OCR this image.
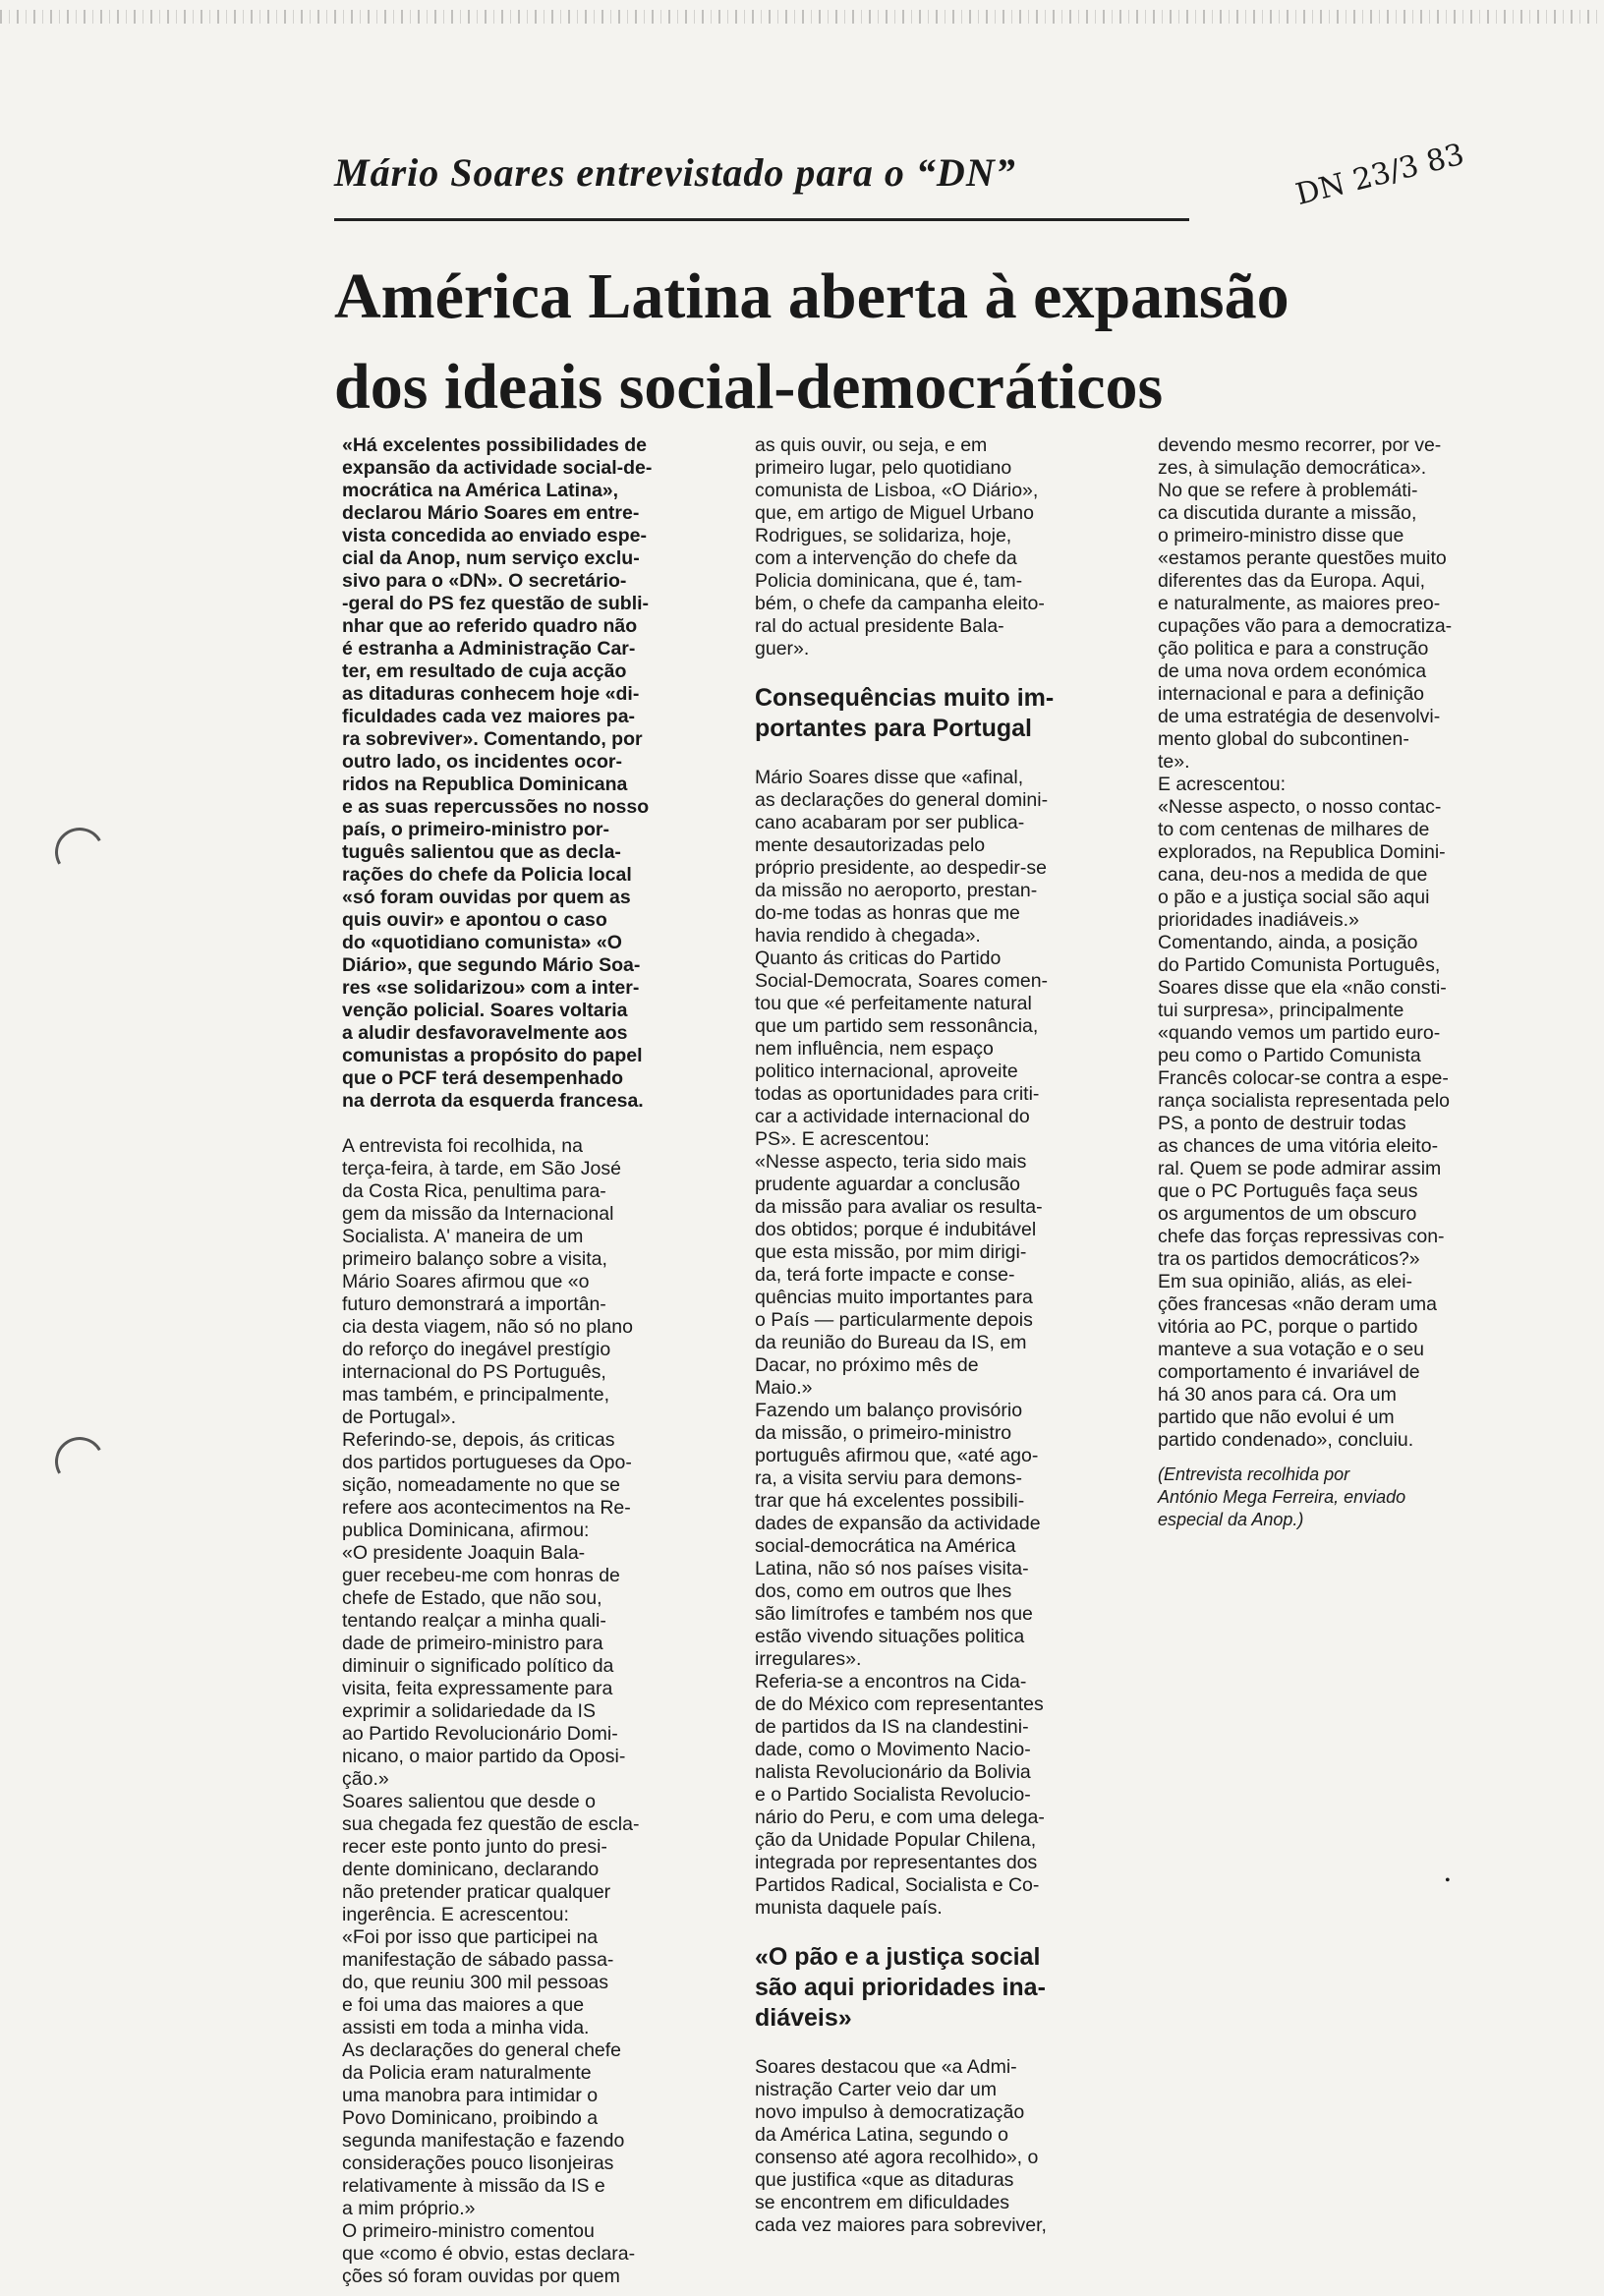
Mário Soares entrevistado para o “DN”	DN 23/3 83

América Latina aberta à expansão
dos ideais social-democráticos
«Há excelentes possibilidades de
expansão da actividade social-de-
mocrática na América Latina»,
declarou Mário Soares em entre-
vista concedida ao enviado espe-
cial da Anop, num serviço exclu-
sivo para o «DN». O secretário-
-geral do PS fez questão de subli-
nhar que ao referido quadro não
é estranha a Administração Car-
ter, em resultado de cuja acção
as ditaduras conhecem hoje «di-
ficuldades cada vez maiores pa-
ra sobreviver». Comentando, por
outro lado, os incidentes ocor-
ridos na Republica Dominicana
e as suas repercussões no nosso
país, o primeiro-ministro por-
tuguês salientou que as decla-
rações do chefe da Policia local
«só foram ouvidas por quem as
quis ouvir» e apontou o caso
do «quotidiano comunista» «O
Diário», que segundo Mário Soa-
res «se solidarizou» com a inter-
venção policial. Soares voltaria
a aludir desfavoravelmente aos
comunistas a propósito do papel
que o PCF terá desempenhado
na derrota da esquerda francesa.
A entrevista foi recolhida, na
terça-feira, à tarde, em São José
da Costa Rica, penultima para-
gem da missão da Internacional
Socialista. A' maneira de um
primeiro balanço sobre a visita,
Mário Soares afirmou que «o
futuro demonstrará a importân-
cia desta viagem, não só no plano
do reforço do inegável prestígio
internacional do PS Português,
mas também, e principalmente,
de Portugal».
Referindo-se, depois, ás criticas
dos partidos portugueses da Opo-
sição, nomeadamente no que se
refere aos acontecimentos na Re-
publica Dominicana, afirmou:
«O presidente Joaquin Bala-
guer recebeu-me com honras de
chefe de Estado, que não sou,
tentando realçar a minha quali-
dade de primeiro-ministro para
diminuir o significado político da
visita, feita expressamente para
exprimir a solidariedade da IS
ao Partido Revolucionário Domi-
nicano, o maior partido da Oposi-
ção.»
Soares salientou que desde o
sua chegada fez questão de escla-
recer este ponto junto do presi-
dente dominicano, declarando
não pretender praticar qualquer
ingerência. E acrescentou:
«Foi por isso que participei na
manifestação de sábado passa-
do, que reuniu 300 mil pessoas
e foi uma das maiores a que
assisti em toda a minha vida.
As declarações do general chefe
da Policia eram naturalmente
uma manobra para intimidar o
Povo Dominicano, proibindo a
segunda manifestação e fazendo
considerações pouco lisonjeiras
relativamente à missão da IS e
a mim próprio.»
O primeiro-ministro comentou
que «como é obvio, estas declara-
ções só foram ouvidas por quem
as quis ouvir, ou seja, e em
primeiro lugar, pelo quotidiano
comunista de Lisboa, «O Diário»,
que, em artigo de Miguel Urbano
Rodrigues, se solidariza, hoje,
com a intervenção do chefe da
Policia dominicana, que é, tam-
bém, o chefe da campanha eleito-
ral do actual presidente Bala-
guer».
Consequências muito im-
portantes para Portugal
Mário Soares disse que «afinal,
as declarações do general domini-
cano acabaram por ser publica-
mente desautorizadas pelo
próprio presidente, ao despedir-se
da missão no aeroporto, prestan-
do-me todas as honras que me
havia rendido à chegada».
Quanto ás criticas do Partido
Social-Democrata, Soares comen-
tou que «é perfeitamente natural
que um partido sem ressonância,
nem influência, nem espaço
politico internacional, aproveite
todas as oportunidades para criti-
car a actividade internacional do
PS». E acrescentou:
«Nesse aspecto, teria sido mais
prudente aguardar a conclusão
da missão para avaliar os resulta-
dos obtidos; porque é indubitável
que esta missão, por mim dirigi-
da, terá forte impacte e conse-
quências muito importantes para
o País — particularmente depois
da reunião do Bureau da IS, em
Dacar, no próximo mês de
Maio.»
Fazendo um balanço provisório
da missão, o primeiro-ministro
português afirmou que, «até ago-
ra, a visita serviu para demons-
trar que há excelentes possibili-
dades de expansão da actividade
social-democrática na América
Latina, não só nos países visita-
dos, como em outros que lhes
são limítrofes e também nos que
estão vivendo situações politica
irregulares».
Referia-se a encontros na Cida-
de do México com representantes
de partidos da IS na clandestini-
dade, como o Movimento Nacio-
nalista Revolucionário da Bolivia
e o Partido Socialista Revolucio-
nário do Peru, e com uma delega-
ção da Unidade Popular Chilena,
integrada por representantes dos
Partidos Radical, Socialista e Co-
munista daquele país.
«O pão e a justiça social
são aqui prioridades ina-
diáveis»
Soares destacou que «a Admi-
nistração Carter veio dar um
novo impulso à democratização
da América Latina, segundo o
consenso até agora recolhido», o
que justifica «que as ditaduras
se encontrem em dificuldades
cada vez maiores para sobreviver,
devendo mesmo recorrer, por ve-
zes, à simulação democrática».
No que se refere à problemáti-
ca discutida durante a missão,
o primeiro-ministro disse que
«estamos perante questões muito
diferentes das da Europa. Aqui,
e naturalmente, as maiores preo-
cupações vão para a democratiza-
ção politica e para a construção
de uma nova ordem económica
internacional e para a definição
de uma estratégia de desenvolvi-
mento global do subcontinen-
te».
E acrescentou:
«Nesse aspecto, o nosso contac-
to com centenas de milhares de
explorados, na Republica Domini-
cana, deu-nos a medida de que
o pão e a justiça social são aqui
prioridades inadiáveis.»
Comentando, ainda, a posição
do Partido Comunista Português,
Soares disse que ela «não consti-
tui surpresa», principalmente
«quando vemos um partido euro-
peu como o Partido Comunista
Francês colocar-se contra a espe-
rança socialista representada pelo
PS, a ponto de destruir todas
as chances de uma vitória eleito-
ral. Quem se pode admirar assim
que o PC Português faça seus
os argumentos de um obscuro
chefe das forças repressivas con-
tra os partidos democráticos?»
Em sua opinião, aliás, as elei-
ções francesas «não deram uma
vitória ao PC, porque o partido
manteve a sua votação e o seu
comportamento é invariável de
há 30 anos para cá. Ora um
partido que não evolui é um
partido condenado», concluiu.
(Entrevista recolhida por
António Mega Ferreira, enviado
especial da Anop.)
•
